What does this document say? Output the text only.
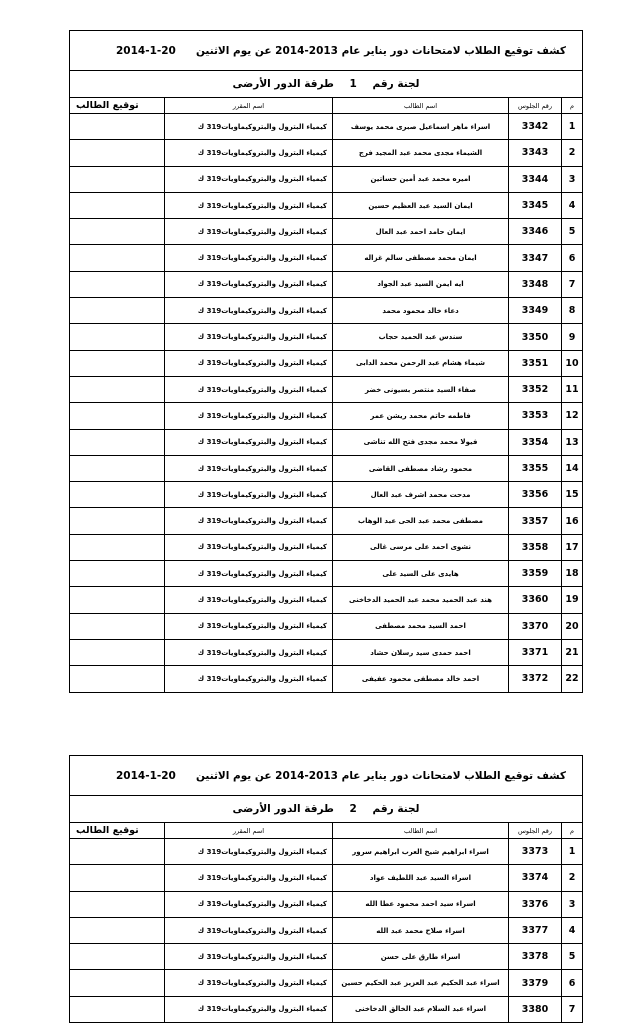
كشف توقيع الطلاب لامتحانات دور يناير عام 2013-2014 عن يوم الاثنين
2014-1-20				

لجنة رقم 1 طرقة الدور الأرضى				

م	رقم الجلوس	اسم الطالب	اسم المقرر	توقيع الطالب
1	3342	اسراء ماهر اسماعيل صبرى محمد يوسف	كيمياء البترول والبتروكيماويات319 ك	
2	3343	الشيماء مجدى محمد عبد المجيد فرج	كيمياء البترول والبتروكيماويات319 ك	
3	3344	اميره محمد عبد أمين حساتين	كيمياء البترول والبتروكيماويات319 ك	
4	3345	ايمان السيد عبد العظيم حسين	كيمياء البترول والبتروكيماويات319 ك	
5	3346	ايمان حامد احمد عبد العال	كيمياء البترول والبتروكيماويات319 ك	
6	3347	ايمان محمد مصطفى سالم غزاله	كيمياء البترول والبتروكيماويات319 ك	
7	3348	ايه ايمن السيد عبد الجواد	كيمياء البترول والبتروكيماويات319 ك	
8	3349	دعاء خالد محمود محمد	كيمياء البترول والبتروكيماويات319 ك	
9	3350	سندس عبد الحميد حجاب	كيمياء البترول والبتروكيماويات319 ك	
10	3351	شيماء هشام عبد الرحمن محمد الدابى	كيمياء البترول والبتروكيماويات319 ك	
11	3352	صفاء السيد منتصر بسيونى خضر	كيمياء البترول والبتروكيماويات319 ك	
12	3353	فاطمه حاتم محمد ريشن عمر	كيمياء البترول والبتروكيماويات319 ك	
13	3354	فيولا محمد مجدى فتح الله تناشى	كيمياء البترول والبتروكيماويات319 ك	
14	3355	محمود رشاد مصطفى القاضى	كيمياء البترول والبتروكيماويات319 ك	
15	3356	مدحت محمد اشرف عبد العال	كيمياء البترول والبتروكيماويات319 ك	
16	3357	مصطفى محمد عبد الحى عبد الوهاب	كيمياء البترول والبتروكيماويات319 ك	
17	3358	نشوى احمد على مرسى غالى	كيمياء البترول والبتروكيماويات319 ك	
18	3359	هايدى على السيد على	كيمياء البترول والبتروكيماويات319 ك	
19	3360	هند عبد الحميد محمد عبد الحميد الدخاخنى	كيمياء البترول والبتروكيماويات319 ك	
20	3370	احمد السيد محمد مصطفى	كيمياء البترول والبتروكيماويات319 ك	
21	3371	احمد حمدى سيد رسلان حشاد	كيمياء البترول والبتروكيماويات319 ك	
22	3372	احمد خالد مصطفى محمود عفيفى	كيمياء البترول والبتروكيماويات319 ك	
كشف توقيع الطلاب لامتحانات دور يناير عام 2013-2014 عن يوم الاثنين
2014-1-20				

لجنة رقم 2 طرقة الدور الأرضى				

م	رقم الجلوس	اسم الطالب	اسم المقرر	توقيع الطالب
1	3373	اسراء ابراهيم شيخ العرب ابراهيم سرور	كيمياء البترول والبتروكيماويات319 ك	
2	3374	اسراء السيد عبد اللطيف عواد	كيمياء البترول والبتروكيماويات319 ك	
3	3376	اسراء سيد احمد محمود عطا الله	كيمياء البترول والبتروكيماويات319 ك	
4	3377	اسراء صلاح محمد عبد الله	كيمياء البترول والبتروكيماويات319 ك	
5	3378	اسراء طارق على حسن	كيمياء البترول والبتروكيماويات319 ك	
6	3379	اسراء عبد الحكيم عبد العزيز عبد الحكيم حسين	كيمياء البترول والبتروكيماويات319 ك	
7	3380	اسراء عبد السلام عبد الخالق الدخاخنى	كيمياء البترول والبتروكيماويات319 ك	
